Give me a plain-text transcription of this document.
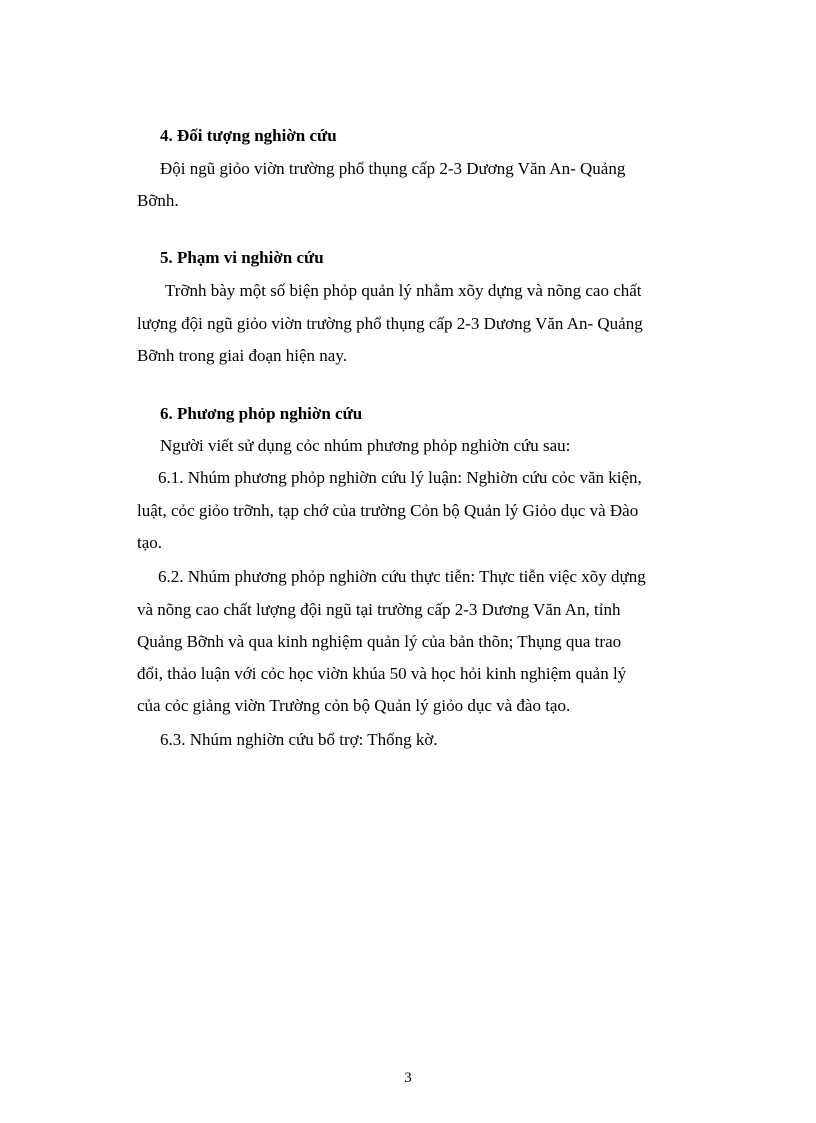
4. Đối tượng nghiờn cứu
Đội ngũ giỏo viờn trường phổ thụng cấp 2-3 Dương Văn An- Quảng
Bỡnh.
5. Phạm vi nghiờn cứu
Trỡnh bày một số biện phỏp quản lý nhằm xõy dựng và nõng cao chất
lượng đội ngũ giỏo viờn trường phổ thụng cấp 2-3 Dương Văn An- Quảng
Bỡnh trong giai đoạn hiện nay.
6. Phương phỏp nghiờn cứu
Người viết sử dụng cỏc nhúm phương phỏp nghiờn cứu sau:
6.1. Nhúm phương phỏp nghiờn cứu lý luận: Nghiờn cứu cỏc văn kiện,
luật, cỏc giỏo trỡnh, tạp chớ của trường Cỏn bộ Quản lý Giỏo dục và Đào
tạo.
6.2. Nhúm phương phỏp nghiờn cứu thực tiễn: Thực tiễn việc xõy dựng
và nõng cao chất lượng đội ngũ tại trường cấp 2-3 Dương Văn An, tỉnh
Quảng Bỡnh và qua kinh nghiệm quản lý của bản thõn; Thụng qua trao
đổi, thảo luận với cỏc học viờn khúa 50 và học hỏi kinh nghiệm quản lý
của cỏc giảng viờn Trường cỏn bộ Quản lý giỏo dục và đào tạo.
6.3. Nhúm nghiờn cứu bổ trợ: Thống kờ.
3
